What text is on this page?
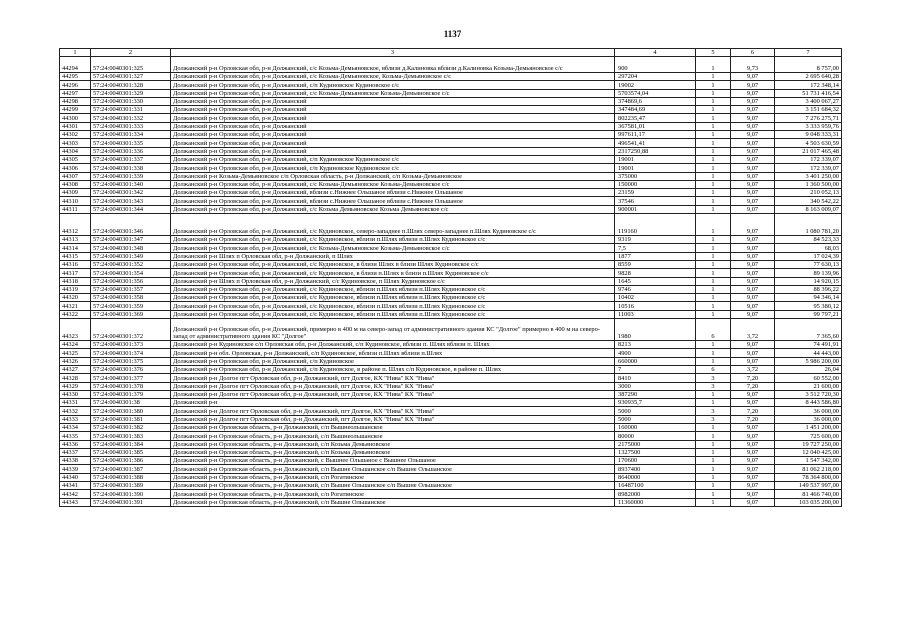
1137
1	2	3	4	5	6	7
44294	57:24:0040301:325	Должанский р-н Орловская обл, р-н Должанский, с/с Козьма-Демьяновское, вблизи д.Калиновка вблизи д.Калиновка Козьма-Демьяновское с/с	900	1	9,73	8 757,00
44295	57:24:0040301:327	Должанский р-н Орловская обл, р-н Должанский, с/с Козьма-Демьяновское, Козьма-Демьяновское с/с	297204	1	9,07	2 695 640,28
44296	57:24:0040301:328	Должанский р-н Орловская обл, р-н Должанский, с/п Кудиновское Кудиновское с/с	19002	1	9,07	172 348,14
44297	57:24:0040301:329	Должанский р-н Орловская обл, р-н Должанский, с/с Козьма-Демьяновское Козьма-Демьяновское с/с	5703574,04	1	9,07	51 731 416,54
44298	57:24:0040301:330	Должанский р-н Орловская обл, р-н Должанский	374869,6	1	9,07	3 400 067,27
44299	57:24:0040301:331	Должанский р-н Орловская обл, р-н Должанский	347484,69	1	9,07	3 151 684,32
44300	57:24:0040301:332	Должанский р-н Орловская обл, р-н Должанский	802235,47	1	9,07	7 276 275,71
44301	57:24:0040301:333	Должанский р-н Орловская обл, р-н Должанский	367581,01	1	9,07	3 333 959,76
44302	57:24:0040301:334	Должанский р-н Орловская обл, р-н Должанский	997611,17	1	9,07	9 048 333,31
44303	57:24:0040301:335	Должанский р-н Орловская обл, р-н Должанский	496541,41	1	9,07	4 503 630,59
44304	57:24:0040301:336	Должанский р-н Орловская обл, р-н Должанский	2317250,88	1	9,07	21 017 465,48
44305	57:24:0040301:337	Должанский р-н Орловская обл, р-н Должанский, с/п Кудиновское Кудиновское с/с	19001	1	9,07	172 339,07
44306	57:24:0040301:338	Должанский р-н Орловская обл, р-н Должанский, с/п Кудиновское Кудиновское с/с	19001	1	9,07	172 339,07
44307	57:24:0040301:339	Должанский р-н Козьма-Демьяновское с/п Орловская область, р-н Должанский, с/п Козьма-Демьяновское	375000	1	9,07	3 401 250,00
44308	57:24:0040301:340	Должанский р-н Орловская обл, р-н Должанский, с/с Козьма-Демьяновское Козьма-Демьяновское с/с	150000	1	9,07	1 360 500,00
44309	57:24:0040301:342	Должанский р-н Орловская обл, р-н Должанский, вблизи с.Нижнее Ольшаное вблизи с.Нижнее Ольшаное	23159	1	9,07	210 052,13
44310	57:24:0040301:343	Должанский р-н Орловская обл, р-н Должанский, вблизи с.Нижнее Ольшаное вблизи с.Нижнее Ольшаное	37546	1	9,07	340 542,22
44311	57:24:0040301:344	Должанский р-н Орловская обл, р-н Должанский, с/с Козьма Демьяновское Козьма Демьяновское с/с	900001	1	9,07	8 163 009,07
44312	57:24:0040301:346	Должанский р-н Орловская обл, р-н Должанский, с/с Кудиновское, северо-западнее п.Шлях северо-западнее п.Шлях Кудиновское с/с	119160	1	9,07	1 080 781,20
44313	57:24:0040301:347	Должанский р-н Орловская обл, р-н Должанский, с/с Кудиновское, вблизи п.Шлях вблизи п.Шлях Кудиновское с/с	9319	1	9,07	84 523,33
44314	57:24:0040301:348	Должанский р-н Орловская обл, р-н Должанский, с/с Козьма-Демьяновское Козьма-Демьяновское с/с	7,5	1	9,07	68,03
44315	57:24:0040301:349	Должанский р-н Шлях п Орловская обл, р-н Должанский, п Шлях	1877	1	9,07	17 024,39
44316	57:24:0040301:352	Должанский р-н Орловская обл, р-н Должанский, с/с Кудиновское, в близи Шлях в близи Шлях Кудиновское с/с	8559	1	9,07	77 630,13
44317	57:24:0040301:354	Должанский р-н Орловская обл, р-н Должанский, с/с Кудиновское, в близи п.Шлях в близи п.Шлях Кудиновское с/с	9828	1	9,07	89 139,96
44318	57:24:0040301:356	Должанский р-н Шлях п Орловская обл, р-н Должанский, с/с Кудиновское, п Шлях Кудиновское с/с	1645	1	9,07	14 920,15
44319	57:24:0040301:357	Должанский р-н Орловская обл, р-н Должанский, с/с Кудиновское, вблизи п.Шлях вблизи п.Шлях Кудиновское с/с	9746	1	9,07	88 396,22
44320	57:24:0040301:358	Должанский р-н Орловская обл, р-н Должанский, с/с Кудиновское, вблизи п.Шлях вблизи п.Шлях Кудиновское с/с	10402	1	9,07	94 346,14
44321	57:24:0040301:359	Должанский р-н Орловская обл, р-н Должанский, с/с Кудиновское, вблизи п.Шлях вблизи п.Шлях Кудиновское с/с	10516	1	9,07	95 380,12
44322	57:24:0040301:369	Должанский р-н Орловская обл, р-н Должанский, с/с Кудиновское, вблизи п.Шлях вблизи п.Шлях Кудиновское с/с	11003	1	9,07	99 797,21
44323	57:24:0040301:372	Должанский р-н Орловская обл, р-н Должанский, примерно в 400 м на северо-запад от административного здания КС "Долгое" примерно в 400 м на северо-запад от административного здания КС "Долгое"	1980	6	3,72	7 365,60
44324	57:24:0040301:373	Должанский р-н Кудиновское с/п Орловская обл, р-н Должанский, с/п Кудиновское, вблизи п. Шлях вблизи п. Шлях	8213	1	9,07	74 491,91
44325	57:24:0040301:374	Должанский р-н обл. Орловская, р-н Должанский, с/п Кудиновское, вблизи п.Шлях вблизи п.Шлях	4900	1	9,07	44 443,00
44326	57:24:0040301:375	Должанский р-н Орловская обл, р-н Должанский, с/п Кудиновское	660000	1	9,07	5 986 200,00
44327	57:24:0040301:376	Должанский р-н Орловская обл, р-н Должанский, с/п Кудиновское, в районе п. Шлях с/п Кудиновское, в районе п. Шлях	7	6	3,72	26,04
44328	57:24:0040301:377	Должанский р-н Долгое пгт Орловская обл, р-н Должанский, пгт Долгое, КХ "Нива" КХ "Нива"	8410	3	7,20	60 552,00
44329	57:24:0040301:378	Должанский р-н Долгое пгт Орловская обл, р-н Должанский, пгт Долгое, КХ "Нива" КХ "Нива"	3000	3	7,20	21 600,00
44330	57:24:0040301:379	Должанский р-н Долгое пгт Орловская обл, р-н Должанский, пгт Долгое, КХ "Нива" КХ "Нива"	387290	1	9,07	3 512 720,30
44331	57:24:0040301:38	Должанский р-н	930935,7	1	9,07	8 443 586,80
44332	57:24:0040301:380	Должанский р-н Долгое пгт Орловская обл, р-н Должанский, пгт Долгое, КХ "Нива" КХ "Нива"	5000	3	7,20	36 000,00
44333	57:24:0040301:381	Должанский р-н Долгое пгт Орловская обл, р-н Должанский, пгт Долгое, КХ "Нива" КХ "Нива"	5000	3	7,20	36 000,00
44334	57:24:0040301:382	Должанский р-н Орловская область, р-н Должанский, с/п Вышнеольшанское	160000	1	9,07	1 451 200,00
44335	57:24:0040301:383	Должанский р-н Орловская область, р-н Должанский, с/п Вышнеольшанское	80000	1	9,07	725 600,00
44336	57:24:0040301:384	Должанский р-н Орловская область, р-н Должанский, с/п Козьма Демьяновское	2175000	1	9,07	19 727 250,00
44337	57:24:0040301:385	Должанский р-н Орловская область, р-н Должанский, с/п Козьма Демьяновское	1327500	1	9,07	12 040 425,00
44338	57:24:0040301:386	Должанский р-н Орловская область, р-н Должанский, с Вышнее Ольшаное с Вышнее Ольшаное	170600	1	9,07	1 547 342,00
44339	57:24:0040301:387	Должанский р-н Орловская область, р-н Должанский, с/п Вышне Ольшанское с/п Вышне Ольшанское	8937400	1	9,07	81 062 218,00
44340	57:24:0040301:388	Должанский р-н Орловская область, р-н Должанский, с/п Рогатинское	8640000	1	9,07	78 364 800,00
44341	57:24:0040301:389	Должанский р-н Орловская область, р-н Должанский, с/п Вышне Ольшанское с/п Вышне Ольшанское	16487100	1	9,07	149 537 997,00
44342	57:24:0040301:390	Должанский р-н Орловская область, р-н Должанский, с/п Рогатинское	8982000	1	9,07	81 466 740,00
44343	57:24:0040301:391	Должанский р-н Орловская область, р-н Должанский, с/п Вышне Ольшанское	11360000	1	9,07	103 035 200,00
